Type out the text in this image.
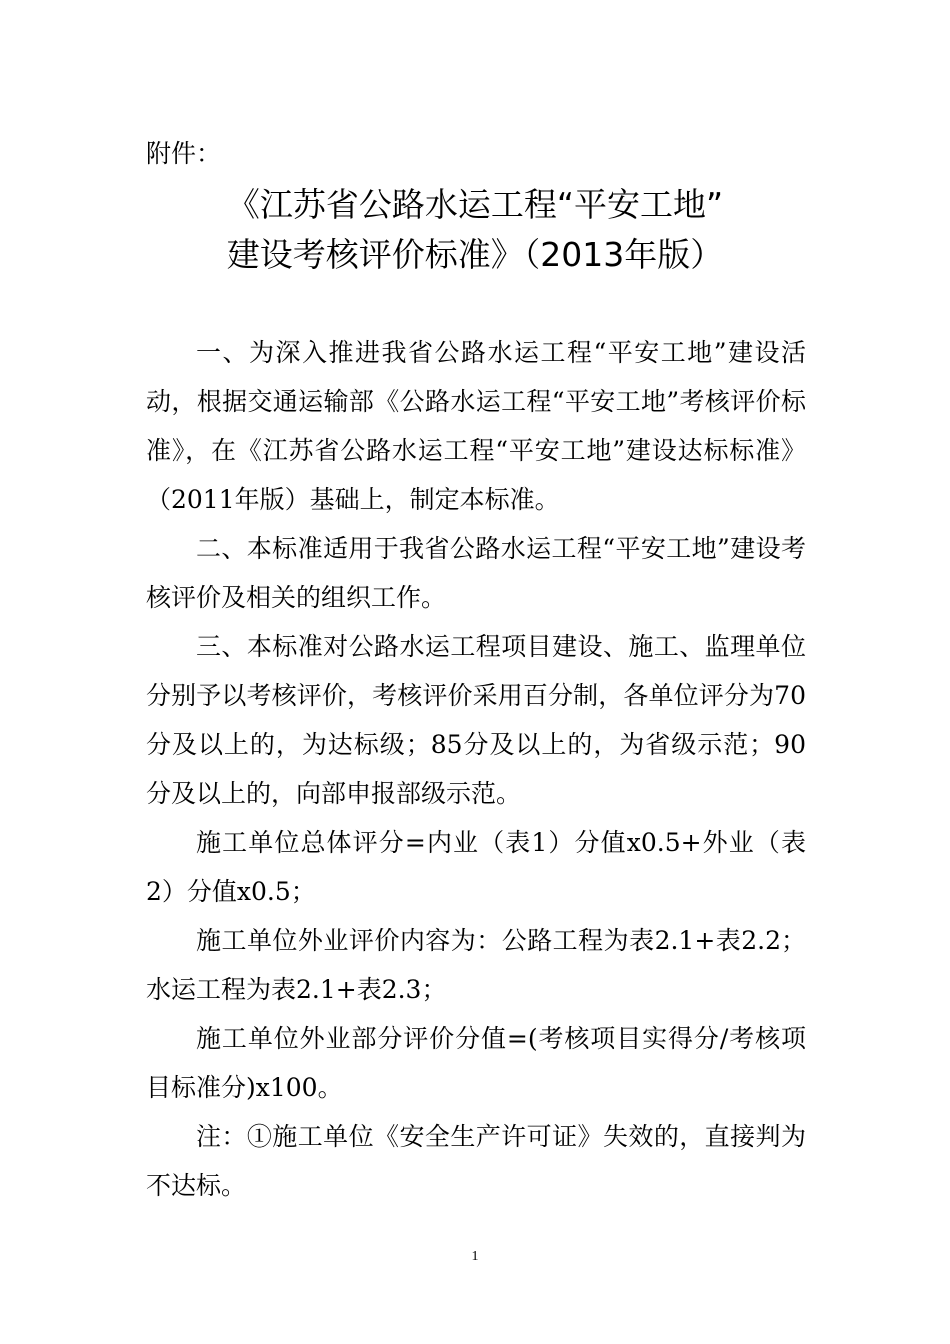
附件：

《江苏省公路水运工程“平安工地”
建设考核评价标准》（2013年版）

一、为深入推进我省公路水运工程“平安工地”建设活动，根据交通运输部《公路水运工程“平安工地”考核评价标准》，在《江苏省公路水运工程“平安工地”建设达标标准》（2011年版）基础上，制定本标准。

二、本标准适用于我省公路水运工程“平安工地”建设考核评价及相关的组织工作。

三、本标准对公路水运工程项目建设、施工、监理单位分别予以考核评价，考核评价采用百分制，各单位评分为70分及以上的，为达标级；85分及以上的，为省级示范；90分及以上的，向部申报部级示范。

施工单位总体评分=内业（表1）分值x0.5+外业（表2）分值x0.5；

施工单位外业评价内容为：公路工程为表2.1+表2.2；水运工程为表2.1+表2.3；

施工单位外业部分评价分值=(考核项目实得分/考核项目标准分)x100。

注：①施工单位《安全生产许可证》失效的，直接判为不达标。

1
